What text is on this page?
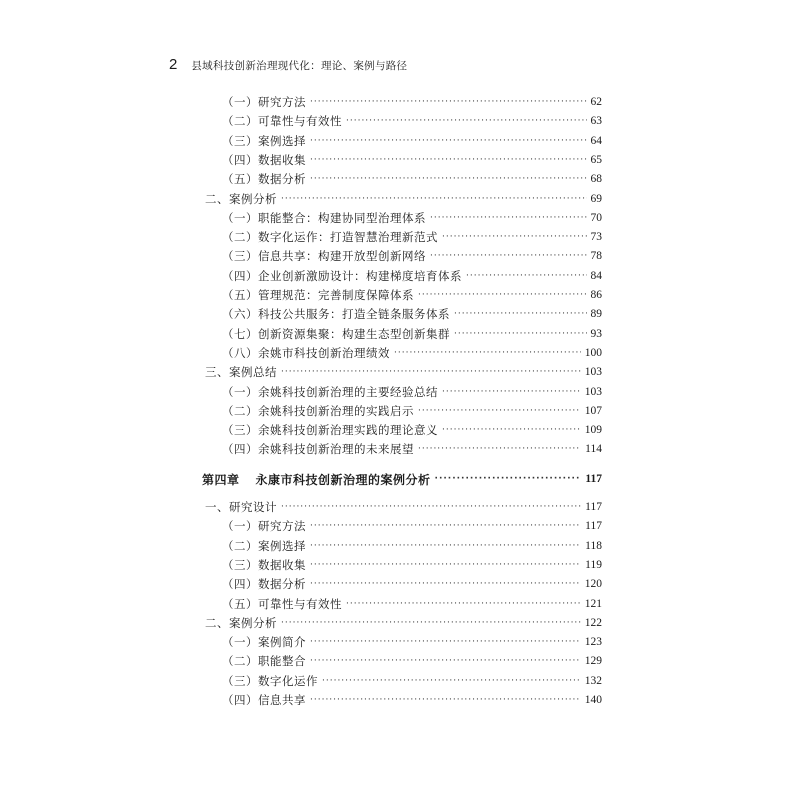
2 县域科技创新治理现代化：理论、案例与路径
（一）研究方法 ·····	62
（二）可靠性与有效性 ·····	63
（三）案例选择 ·····	64
（四）数据收集 ·····	65
（五）数据分析 ·····	68
二、案例分析 ·····	69
（一）职能整合：构建协同型治理体系 ·····	70
（二）数字化运作：打造智慧治理新范式 ·····	73
（三）信息共享：构建开放型创新网络 ·····	78
（四）企业创新激励设计：构建梯度培育体系 ·····	84
（五）管理规范：完善制度保障体系 ·····	86
（六）科技公共服务：打造全链条服务体系 ·····	89
（七）创新资源集聚：构建生态型创新集群 ·····	93
（八）余姚市科技创新治理绩效 ·····	100
三、案例总结 ·····	103
（一）余姚科技创新治理的主要经验总结 ·····	103
（二）余姚科技创新治理的实践启示 ·····	107
（三）余姚科技创新治理实践的理论意义 ·····	109
（四）余姚科技创新治理的未来展望 ·····	114
第四章 永康市科技创新治理的案例分析 ·····	117
一、研究设计 ·····	117
（一）研究方法 ·····	117
（二）案例选择 ·····	118
（三）数据收集 ·····	119
（四）数据分析 ·····	120
（五）可靠性与有效性 ·····	121
二、案例分析 ·····	122
（一）案例简介 ·····	123
（二）职能整合 ·····	129
（三）数字化运作 ·····	132
（四）信息共享 ·····	140
